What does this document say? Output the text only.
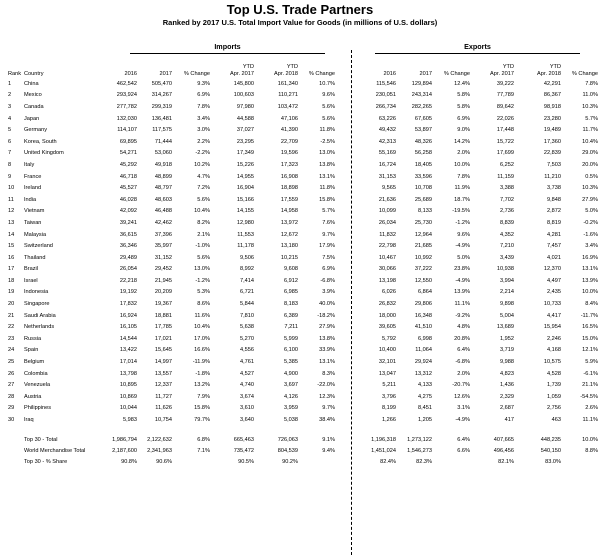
Top U.S. Trade Partners
Ranked by 2017 U.S. Total Import Value for Goods (in millions of U.S. dollars)
Imports	Exports
Rank	Country	2016	2017	% Change	YTD
Apr. 2017	YTD
Apr. 2018	% Change		2016	2017	% Change	YTD
Apr. 2017	YTD
Apr. 2018	% Change
1	China	462,542	505,470	9.3%	145,800	161,340	10.7%		115,546	129,894	12.4%	39,222	42,291	7.8%
2	Mexico	293,924	314,267	6.9%	100,603	110,271	9.6%		230,051	243,314	5.8%	77,789	86,367	11.0%
3	Canada	277,782	299,319	7.8%	97,980	103,472	5.6%		266,734	282,265	5.8%	89,642	98,918	10.3%
4	Japan	132,030	136,481	3.4%	44,588	47,106	5.6%		63,226	67,605	6.9%	22,026	23,280	5.7%
5	Germany	114,107	117,575	3.0%	37,027	41,390	11.8%		49,432	53,897	9.0%	17,448	19,489	11.7%
6	Korea, South	69,895	71,444	2.2%	23,295	22,709	-2.5%		42,313	48,326	14.2%	15,722	17,360	10.4%
7	United Kingdom	54,271	53,060	-2.2%	17,349	19,596	13.0%		55,169	56,258	2.0%	17,699	22,839	29.0%
8	Italy	45,292	49,918	10.2%	15,226	17,323	13.8%		16,724	18,405	10.0%	6,252	7,503	20.0%
9	France	46,718	48,899	4.7%	14,955	16,908	13.1%		31,153	33,596	7.8%	11,159	11,210	0.5%
10	Ireland	45,527	48,797	7.2%	16,904	18,898	11.8%		9,565	10,708	11.9%	3,388	3,738	10.3%
11	India	46,028	48,603	5.6%	15,166	17,559	15.8%		21,636	25,689	18.7%	7,702	9,848	27.9%
12	Vietnam	42,092	46,488	10.4%	14,155	14,958	5.7%		10,099	8,133	-19.5%	2,736	2,872	5.0%
13	Taiwan	39,241	42,462	8.2%	12,980	13,972	7.6%		26,034	25,730	-1.2%	8,839	8,819	-0.2%
14	Malaysia	36,615	37,396	2.1%	11,553	12,672	9.7%		11,832	12,964	9.6%	4,352	4,281	-1.6%
15	Switzerland	36,346	35,997	-1.0%	11,178	13,180	17.9%		22,798	21,685	-4.9%	7,210	7,457	3.4%
16	Thailand	29,489	31,152	5.6%	9,506	10,215	7.5%		10,467	10,992	5.0%	3,439	4,021	16.9%
17	Brazil	26,054	29,452	13.0%	8,992	9,608	6.9%		30,066	37,222	23.8%	10,938	12,370	13.1%
18	Israel	22,218	21,945	-1.2%	7,414	6,912	-6.8%		13,198	12,550	-4.9%	3,994	4,497	13.9%
19	Indonesia	19,192	20,209	5.3%	6,721	6,985	3.9%		6,026	6,864	13.9%	2,214	2,435	10.0%
20	Singapore	17,832	19,367	8.6%	5,844	8,183	40.0%		26,832	29,806	11.1%	9,898	10,733	8.4%
21	Saudi Arabia	16,924	18,881	11.6%	7,810	6,389	-18.2%		18,000	16,348	-9.2%	5,004	4,417	-11.7%
22	Netherlands	16,105	17,785	10.4%	5,638	7,211	27.9%		39,605	41,510	4.8%	13,689	15,954	16.5%
23	Russia	14,544	17,021	17.0%	5,270	5,999	13.8%		5,792	6,998	20.8%	1,952	2,246	15.0%
24	Spain	13,422	15,645	16.6%	4,556	6,100	33.9%		10,400	11,064	6.4%	3,719	4,168	12.1%
25	Belgium	17,014	14,997	-11.9%	4,761	5,385	13.1%		32,101	29,924	-6.8%	9,988	10,575	5.9%
26	Colombia	13,798	13,557	-1.8%	4,527	4,900	8.3%		13,047	13,312	2.0%	4,823	4,528	-6.1%
27	Venezuela	10,895	12,337	13.2%	4,740	3,697	-22.0%		5,211	4,133	-20.7%	1,436	1,739	21.1%
28	Austria	10,869	11,727	7.9%	3,674	4,126	12.3%		3,796	4,275	12.6%	2,329	1,059	-54.5%
29	Philippines	10,044	11,626	15.8%	3,610	3,959	9.7%		8,199	8,451	3.1%	2,687	2,756	2.6%
30	Iraq	5,983	10,754	79.7%	3,640	5,038	38.4%		1,266	1,205	-4.9%	417	463	11.1%

	Top 30 - Total	1,986,794	2,122,632	6.8%	665,463	726,063	9.1%		1,196,318	1,273,122	6.4%	407,665	448,235	10.0%
	World Merchandise Total	2,187,600	2,341,963	7.1%	735,472	804,539	9.4%		1,451,024	1,546,273	6.6%	496,456	540,150	8.8%
	Top 30 - % Share	90.8%	90.6%		90.5%	90.2%			82.4%	82.3%		82.1%	83.0%	
